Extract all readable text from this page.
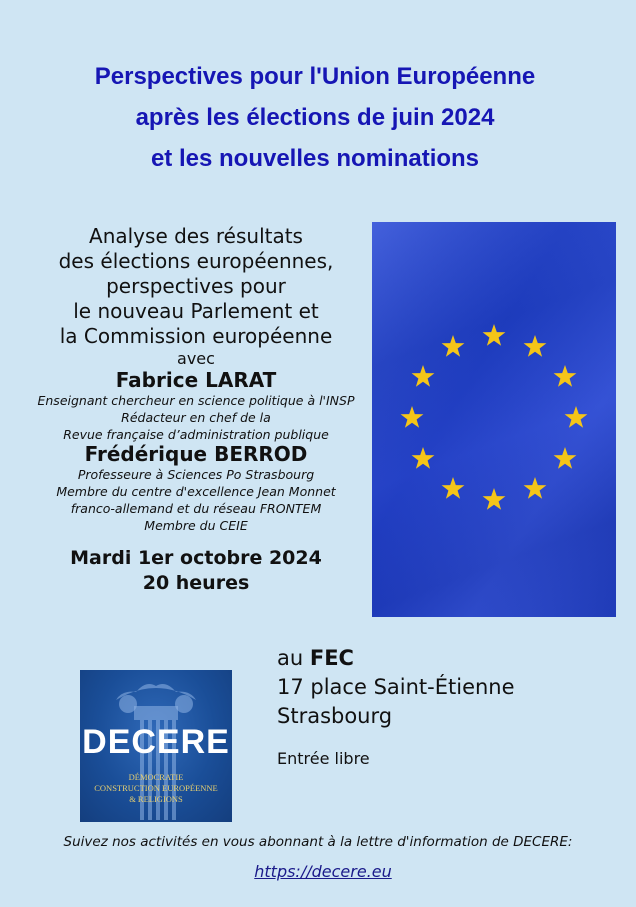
Perspectives pour l'Union Européenne
après les élections de juin 2024
et les nouvelles nominations
Analyse des résultats
des élections européennes,
perspectives pour
le nouveau Parlement et
la Commission européenne
avec
Fabrice LARAT
Enseignant chercheur en science politique à l'INSP
Rédacteur en chef de la
Revue française d’administration publique
Frédérique BERROD
Professeure à Sciences Po Strasbourg
Membre du centre d'excellence Jean Monnet
franco-allemand et du réseau FRONTEM
Membre du CEIE
Mardi 1er octobre 2024
20 heures
au FEC
17 place Saint-Étienne
Strasbourg
Entrée libre
DECERE
DÉMOCRATIE
CONSTRUCTION EUROPÉENNE
& RELIGIONS
Suivez nos activités en vous abonnant à la lettre d'information de DECERE:
https://decere.eu
